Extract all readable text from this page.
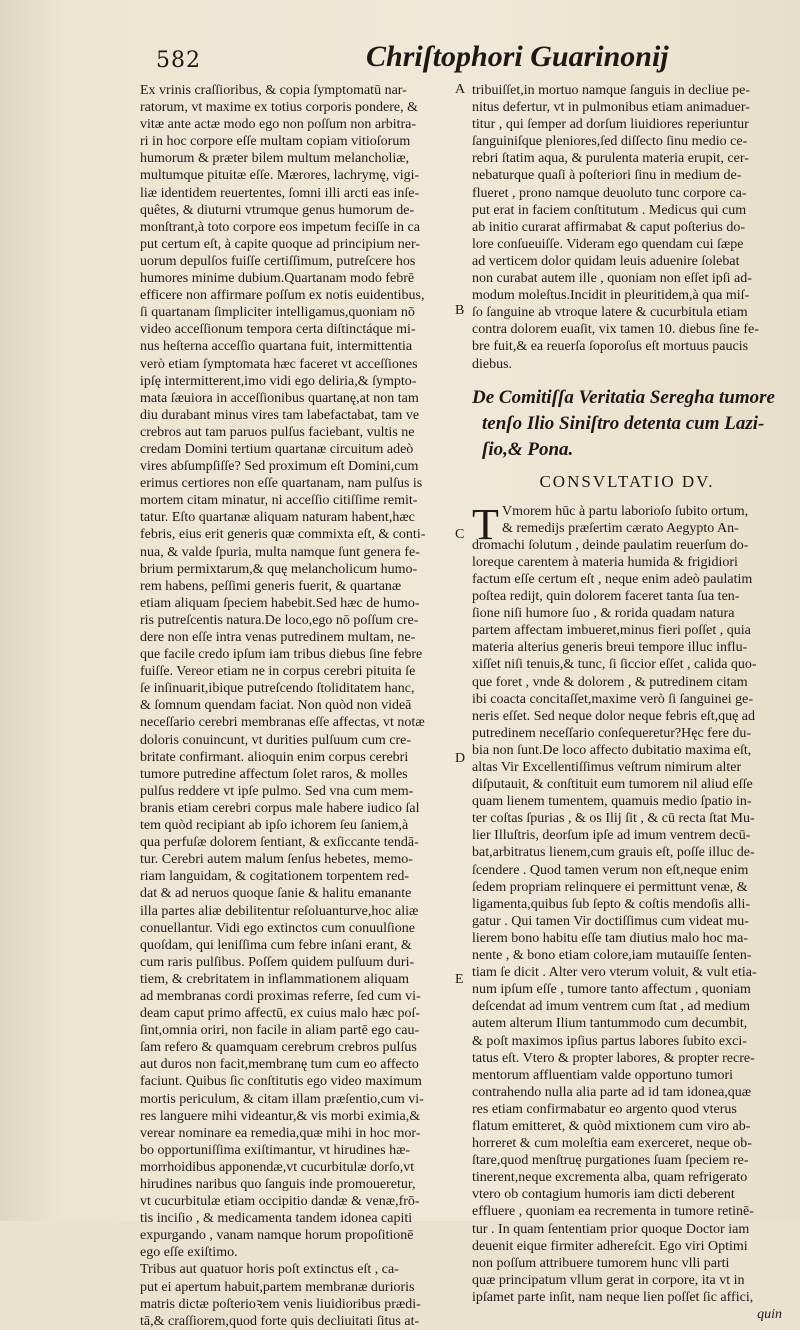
582	Chriſtophori Guarinonij
A
B
C
D
E
Ex vrinis craſſioribus, & copia ſymptomatū nar-
ratorum, vt maxime ex totius corporis pondere, &
vitæ ante actæ modo ego non poſſum non arbitra-
ri in hoc corpore eſſe multam copiam vitioſorum
humorum & præter bilem multum melancholiæ,
multumque pituitæ eſſe. Mærores, lachrymę, vigi-
liæ identidem reuertentes, ſomni illi arcti eas inſe-
quêtes, & diuturni vtrumque genus humorum de-
monſtrant,à toto corpore eos impetum feciſſe in ca
put certum eſt, à capite quoque ad principium ner-
uorum depulſos fuiſſe certiſſimum, putreſcere hos
humores minime dubium.Quartanam modo febrē
efficere non affirmare poſſum ex notis euidentibus,
ſi quartanam ſimpliciter intelligamus,quoniam nō
video acceſſionum tempora certa diſtinctáque mi-
nus heſterna acceſſio quartana fuit, intermittentia
verò etiam ſymptomata hæc faceret vt acceſſiones
ipſę intermitterent,imo vidi ego deliria,& ſympto-
mata ſæuiora in acceſſionibus quartanę,at non tam
diu durabant minus vires tam labefactabat, tam ve
crebros aut tam paruos pulſus faciebant, vultis ne
credam Domini tertium quartanæ circuitum adeò
vires abſumpſiſſe? Sed proximum eſt Domini,cum
erimus certiores non eſſe quartanam, nam pulſus is
mortem citam minatur, ni acceſſio citiſſime remit-
tatur. Eſto quartanæ aliquam naturam habent,hæc
febris, eius erit generis quæ commixta eſt, & conti-
nua, & valde ſpuria, multa namque ſunt genera fe-
brium permixtarum,& quę melancholicum humo-
rem habens, peſſimi generis fuerit, & quartanæ
etiam aliquam ſpeciem habebit.Sed hæc de humo-
ris putreſcentis natura.De loco,ego nō poſſum cre-
dere non eſſe intra venas putredinem multam, ne-
que facile credo ipſum iam tribus diebus ſine febre
fuiſſe. Vereor etiam ne in corpus cerebri pituita ſe
ſe inſinuarit,ibique putreſcendo ſtoliditatem hanc,
& ſomnum quendam faciat. Non quòd non videā
neceſſario cerebri membranas eſſe affectas, vt notæ
doloris conuincunt, vt durities pulſuum cum cre-
britate confirmant. alioquin enim corpus cerebri
tumore putredine affectum ſolet raros, & molles
pulſus reddere vt ipſe pulmo. Sed vna cum mem-
branis etiam cerebri corpus male habere iudico ſal
tem quòd recipiant ab ipſo ichorem ſeu ſaniem,à
qua perfuſæ dolorem ſentiant, & exſiccante tendā-
tur. Cerebri autem malum ſenſus hebetes, memo-
riam languidam, & cogitationem torpentem red-
dat & ad neruos quoque ſanie & halitu emanante
illa partes aliæ debilitentur reſoluanturve,hoc aliæ
conuellantur. Vidi ego extinctos cum conuulſione
quoſdam, qui leniſſima cum febre inſani erant, &
cum raris pulſibus. Poſſem quidem pulſuum duri-
tiem, & crebritatem in inflammationem aliquam
ad membranas cordi proximas referre, ſed cum vi-
deam caput primo affectū, ex cuius malo hæc poſ-
ſint,omnia oriri, non facile in aliam partē ego cau-
ſam refero & quamquam cerebrum crebros pulſus
aut duros non facit,membranę tum cum eo affecto
faciunt. Quibus ſic conſtitutis ego video maximum
mortis periculum, & citam illam præſentio,cum vi-
res languere mihi videantur,& vis morbi eximia,&
verear nominare ea remedia,quæ mihi in hoc mor-
bo opportuniſſima exiſtimantur, vt hirudines hæ-
morrhoidibus apponendæ,vt cucurbitulæ dorſo,vt
hirudines naribus quo ſanguis inde promoueretur,
vt cucurbitulæ etiam occipitio dandæ & venæ,frō-
tis inciſio , & medicamenta tandem idonea capiti
expurgando , vanam namque horum propoſitionē
ego eſſe exiſtimo.
Tribus aut quatuor horis poſt extinctus eſt , ca-
put ei apertum habuit,partem membranæ durioris
matris dictæ poſterioꝛem venis liuidioribus prædi-
tā,& craſſiorem,quod forte quis decliuitati ſitus at-
tribuiſſet,in mortuo namque ſanguis in decliue pe-
nitus defertur, vt in pulmonibus etiam animaduer-
titur , qui ſemper ad dorſum liuidiores reperiuntur
ſanguiniſque pleniores,ſed diſſecto ſinu medio ce-
rebri ſtatim aqua, & purulenta materia erupit, cer-
nebaturque quaſi à poſteriori ſinu in medium de-
flueret , prono namque deuoluto tunc corpore ca-
put erat in faciem conſtitutum . Medicus qui cum
ab initio curarat affirmabat & caput poſterius do-
lore conſueuiſſe. Videram ego quendam cui ſæpe
ad verticem dolor quidam leuis aduenire ſolebat
non curabat autem ille , quoniam non eſſet ipſi ad-
modum moleſtus.Incidit in pleuritidem,à qua miſ-
ſo ſanguine ab vtroque latere & cucurbitula etiam
contra dolorem euaſit, vix tamen 10. diebus ſine fe-
bre fuit,& ea reuerſa ſoporoſus eſt mortuus paucis
diebus.
De Comitiſſa Veritatia Seregha tumore
tenſo Ilio Siniſtro detenta cum Lazi-
ſio,& Pona.
CONSVLTATIO DV.
T Vmorem hūc à partu laborioſo ſubito ortum,
& remedijs præſertim cærato Aegypto An-
dromachi ſolutum , deinde paulatim reuerſum do-
loreque carentem à materia humida & frigidiori
factum eſſe certum eſt , neque enim adeò paulatim
poſtea redijt, quin dolorem faceret tanta ſua ten-
ſione niſi humore ſuo , & rorida quadam natura
partem affectam imbueret,minus fieri poſſet , quia
materia alterius generis breui tempore illuc influ-
xiſſet niſi tenuis,& tunc, ſi ſiccior eſſet , calida quo-
que foret , vnde & dolorem , & putredinem citam
ibi coacta concitaſſet,maxime verò ſi ſanguinei ge-
neris eſſet. Sed neque dolor neque febris eſt,quę ad
putredinem neceſſario conſequeretur?Hęc fere du-
bia non ſunt.De loco affecto dubitatio maxima eſt,
altas Vir Excellentiſſimus veſtrum nimirum alter
diſputauit, & conſtituit eum tumorem nil aliud eſſe
quam lienem tumentem, quamuis medio ſpatio in-
ter coſtas ſpurias , & os Ilij ſit , & cū recta ſtat Mu-
lier Illuſtris, deorſum ipſe ad imum ventrem decū-
bat,arbitratus lienem,cum grauis eſt, poſſe illuc de-
ſcendere . Quod tamen verum non eſt,neque enim
ſedem propriam relinquere ei permittunt venæ, &
ligamenta,quibus ſub ſepto & coſtis mendoſis alli-
gatur . Qui tamen Vir doctiſſimus cum videat mu-
lierem bono habitu eſſe tam diutius malo hoc ma-
nente , & bono etiam colore,iam mutauiſſe ſenten-
tiam ſe dicit . Alter vero vterum voluit, & vult etia-
num ipſum eſſe , tumore tanto affectum , quoniam
deſcendat ad imum ventrem cum ſtat , ad medium
autem alterum Ilium tantummodo cum decumbit,
& poſt maximos ipſius partus labores ſubito exci-
tatus eſt. Vtero & propter labores, & propter recre-
mentorum affluentiam valde opportuno tumori
contrahendo nulla alia parte ad id tam idonea,quæ
res etiam confirmabatur eo argento quod vterus
flatum emitteret, & quòd mixtionem cum viro ab-
horreret & cum moleſtia eam exerceret, neque ob-
ſtare,quod menſtruę purgationes ſuam ſpeciem re-
tinerent,neque excrementa alba, quam refrigerato
vtero ob contagium humoris iam dicti deberent
effluere , quoniam ea recrementa in tumore retinē-
tur . In quam ſententiam prior quoque Doctor iam
deuenit eique firmiter adhereſcit. Ego viri Optimi
non poſſum attribuere tumorem hunc vlli parti
quæ principatum vllum gerat in corpore, ita vt in
ipſamet parte inſit, nam neque lien poſſet ſic affici,
quin
